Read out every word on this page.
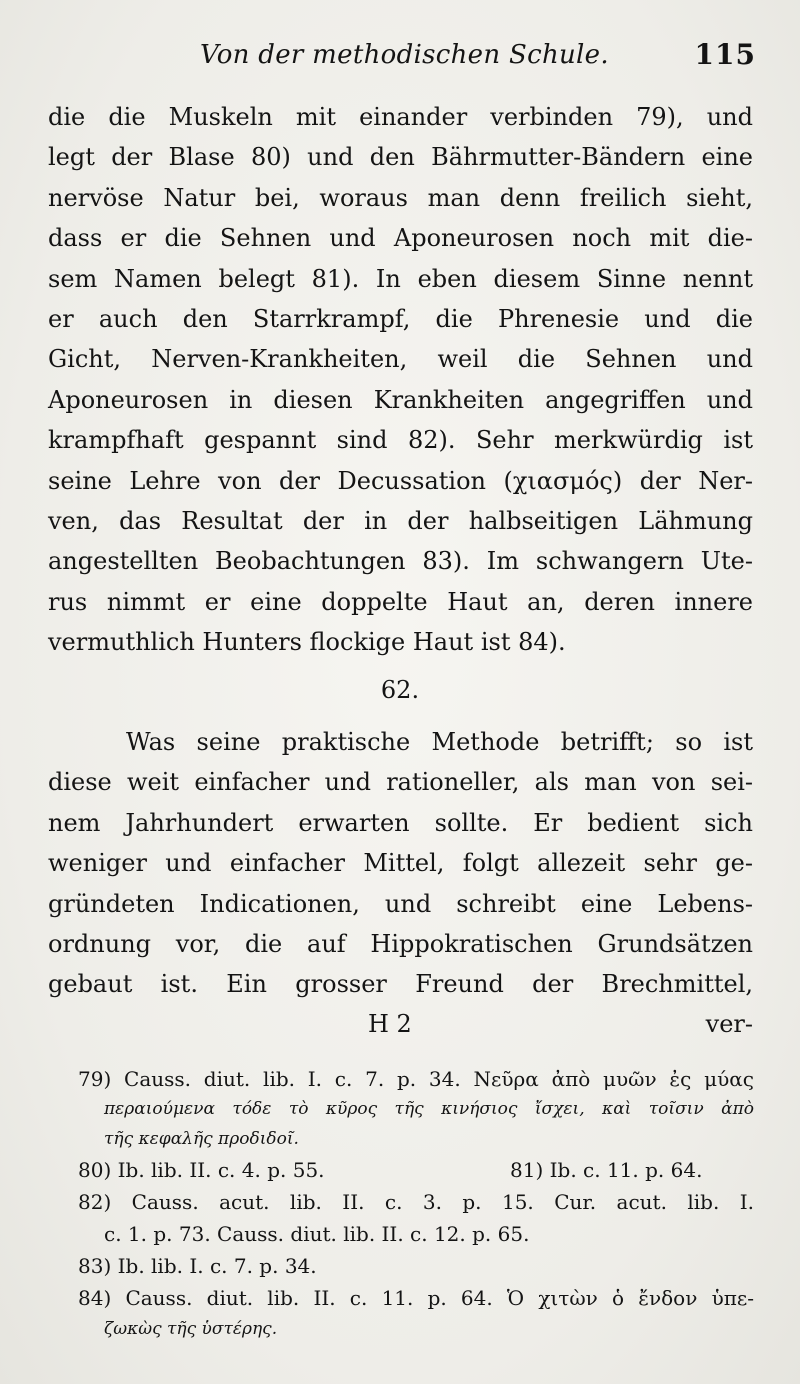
Von der methodischen Schule.	115
die die Muskeln mit einander verbinden 79), und
legt der Blase 80) und den Bährmutter-Bändern eine
nervöse Natur bei, woraus man denn freilich sieht,
dass er die Sehnen und Aponeurosen noch mit die-
sem Namen belegt 81). In eben diesem Sinne nennt
er auch den Starrkrampf, die Phrenesie und die
Gicht, Nerven-Krankheiten, weil die Sehnen und
Aponeurosen in diesen Krankheiten angegriffen und
krampfhaft gespannt sind 82). Sehr merkwürdig ist
seine Lehre von der Decussation (χιασμός) der Ner-
ven, das Resultat der in der halbseitigen Lähmung
angestellten Beobachtungen 83). Im schwangern Ute-
rus nimmt er eine doppelte Haut an, deren innere
vermuthlich Hunters flockige Haut ist 84).
62.
Was seine praktische Methode betrifft; so ist
diese weit einfacher und rationeller, als man von sei-
nem Jahrhundert erwarten sollte. Er bedient sich
weniger und einfacher Mittel, folgt allezeit sehr ge-
gründeten Indicationen, und schreibt eine Lebens-
ordnung vor, die auf Hippokratischen Grundsätzen
gebaut ist. Ein grosser Freund der Brechmittel,
H 2	ver-
79) Causs. diut. lib. I. c. 7. p. 34. Νεῦρα ἀπὸ μυῶν ἐς μύας
περαιούμενα τόδε τὸ κῦρος τῆς κινήσιος ἴσχει, καὶ τοῖσιν ἀπὸ
τῆς κεφαλῆς προδιδοῖ.
80) Ib. lib. II. c. 4. p. 55.	81) Ib. c. 11. p. 64.
82) Causs. acut. lib. II. c. 3. p. 15. Cur. acut. lib. I.
c. 1. p. 73. Causs. diut. lib. II. c. 12. p. 65.
83) Ib. lib. I. c. 7. p. 34.
84) Causs. diut. lib. II. c. 11. p. 64. Ὁ χιτὼν ὁ ἔνδον ὑπε-
ζωκὼς τῆς ὑστέρης.
